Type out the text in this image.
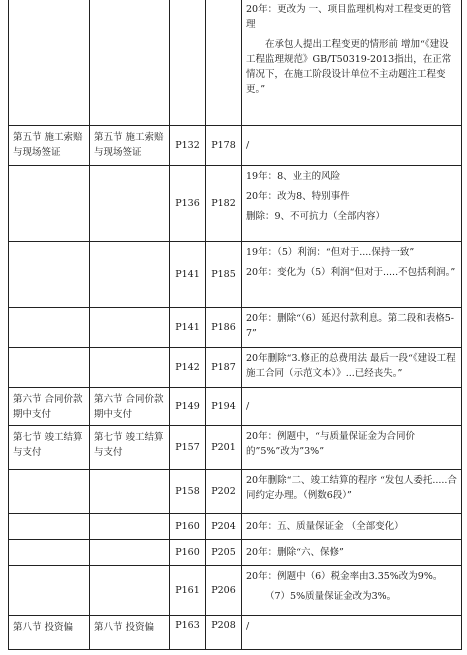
				20年：更改为 一、项目监理机构对工程变更的管理

在承包人提出工程变更的情形前 增加“《建设工程监理规范》GB/T50319-2013指出，在正常情况下，在施工阶段设计单位不主动题注工程变更。”

第五节 施工索赔与现场签证	第五节 施工索赔与现场签证	P132	P178	/

		P136	P182	19年：8、业主的风险

20年：改为8、特别事件

删除：9、不可抗力（全部内容）

		P141	P185	19年：（5）利润：“但对于....保持一致”

20年：变化为（5）利润“但对于.....不包括利润。”

		P141	P186	20年：删除“（6）延迟付款利息。第二段和表格5-7”

		P142	P187	20年删除“3.修正的总费用法 最后一段“《建设工程施工合同（示范文本）》...已经丧失。”

第六节 合同价款期中支付	第六节 合同价款期中支付	P149	P194	/

第七节 竣工结算与支付	第七节 竣工结算与支付	P157	P201	20年：例题中，“与质量保证金为合同价的”5%”改为”3%”

		P158	P202	20年删除“二、竣工结算的程序 “发包人委托.....合同约定办理。（例数6段）”

		P160	P204	20年：五、质量保证金 （全部变化）

		P160	P205	20年：删除“六、保修”

		P161	P206	20年：例题中（6）税金率由3.35%改为9%。

（7）5%质量保证金改为3%。

第八节 投资偏	第八节 投资偏	P163	P208	/
